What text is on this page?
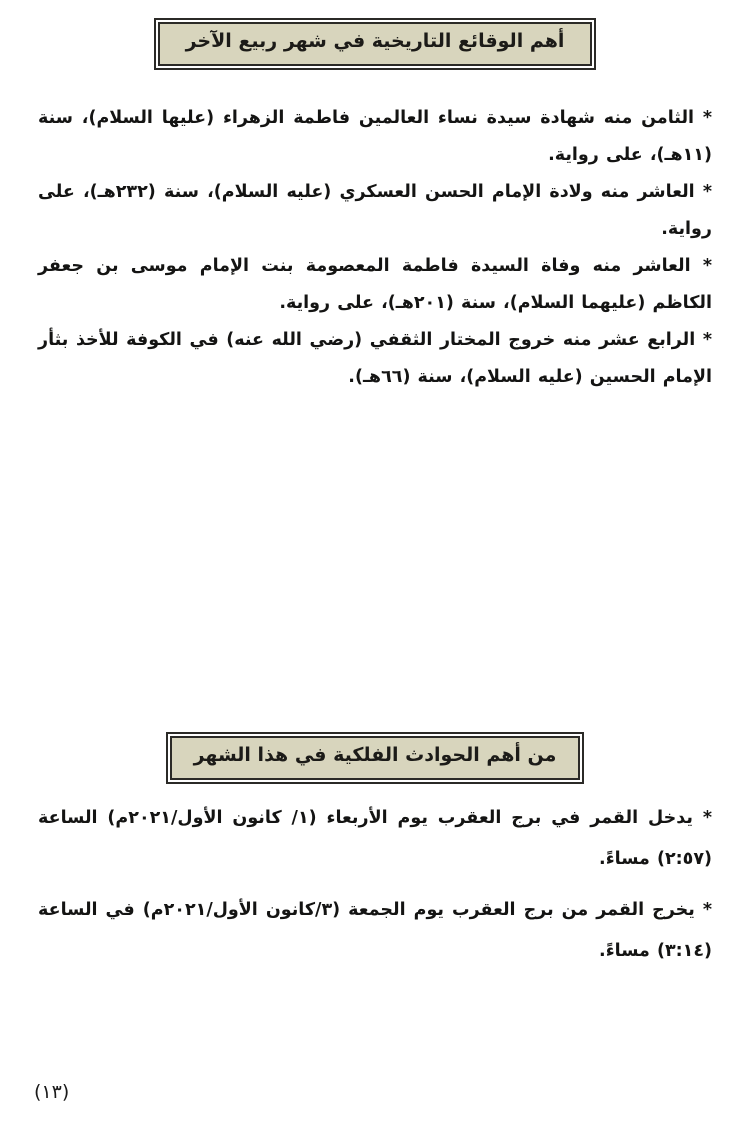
أهم الوقائع التاريخية في شهر ربيع الآخر

* الثامن منه شهادة سيدة نساء العالمين فاطمة الزهراء (عليها السلام)، سنة (١١هـ)، على رواية.

* العاشر منه ولادة الإمام الحسن العسكري (عليه السلام)، سنة (٢٣٢هـ)، على رواية.

* العاشر منه وفاة السيدة فاطمة المعصومة بنت الإمام موسى بن جعفر الكاظم (عليهما السلام)، سنة (٢٠١هـ)، على رواية.

* الرابع عشر منه خروج المختار الثقفي (رضي الله عنه) في الكوفة للأخذ بثأر الإمام الحسين (عليه السلام)، سنة (٦٦هـ).

من أهم الحوادث الفلكية في هذا الشهر

* يدخل القمر في برج العقرب يوم الأربعاء (١/ كانون الأول/٢٠٢١م) الساعة (٢:٥٧) مساءً.

* يخرج القمر من برج العقرب يوم الجمعة (٣/كانون الأول/٢٠٢١م) في الساعة (٣:١٤) مساءً.

(١٣)
